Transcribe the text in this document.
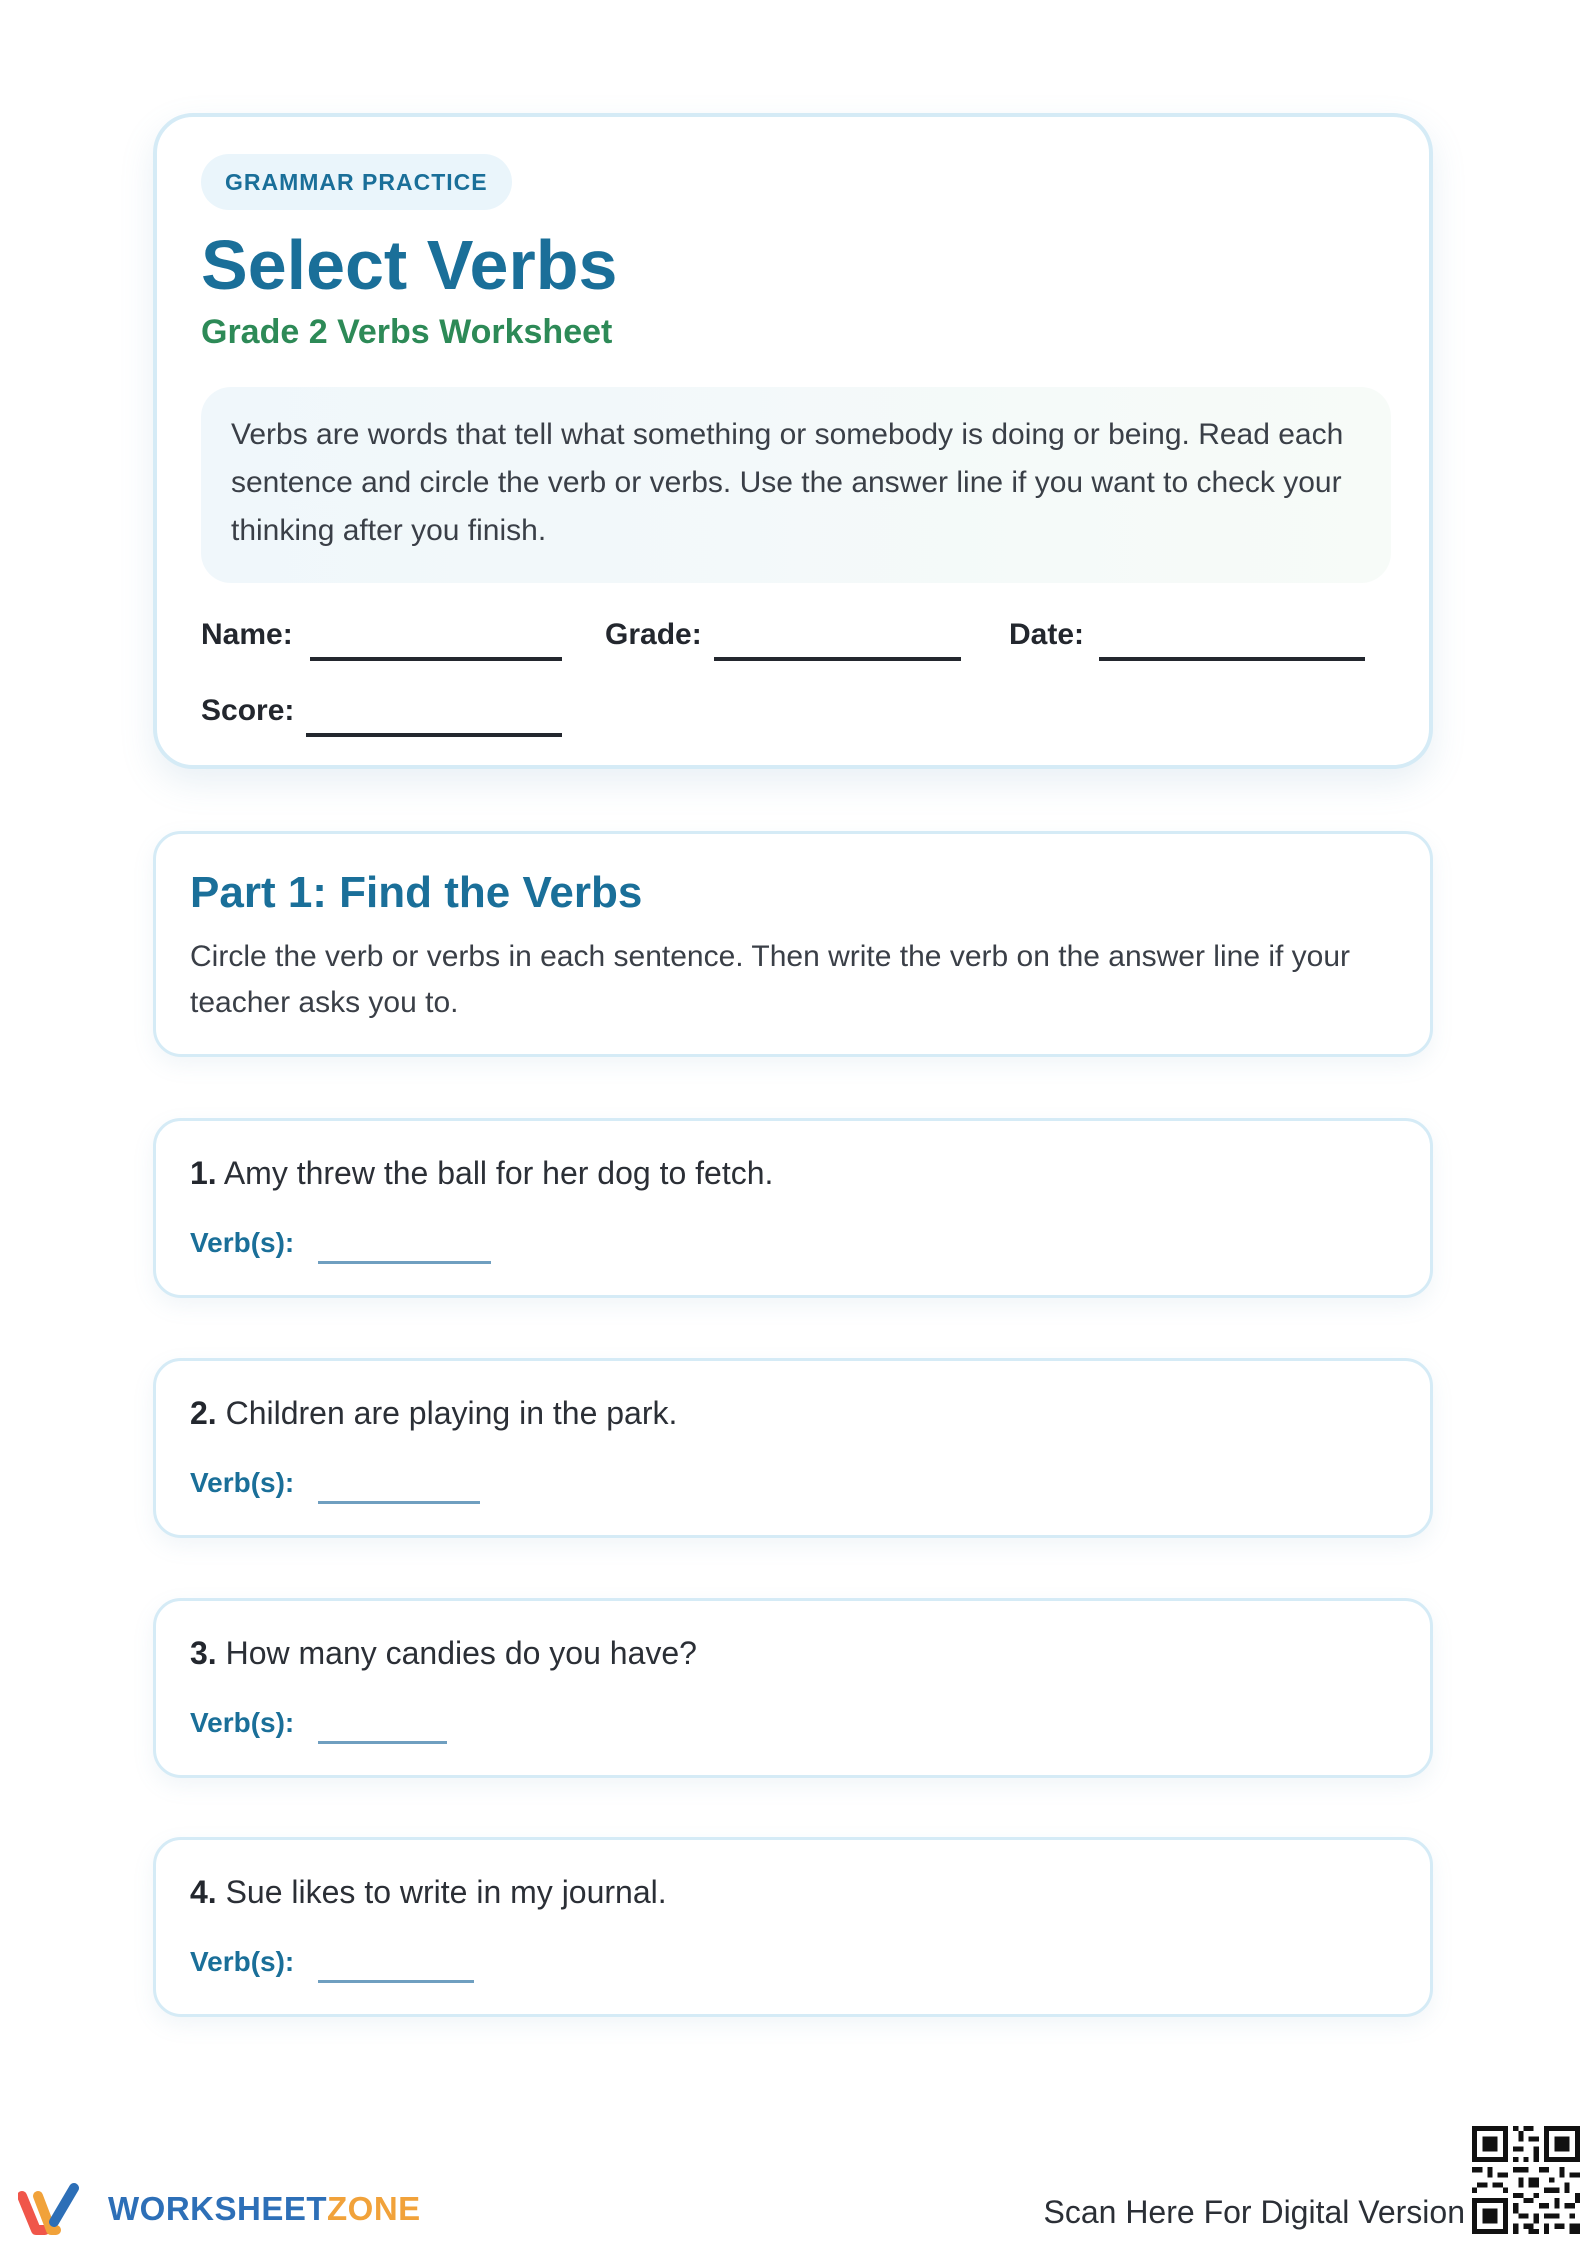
GRAMMAR PRACTICE
Select Verbs
Grade 2 Verbs Worksheet
Verbs are words that tell what something or somebody is doing or being. Read each sentence and circle the verb or verbs. Use the answer line if you want to check your thinking after you finish.
Name:	Grade:	Date:
Score:
Part 1: Find the Verbs

Circle the verb or verbs in each sentence. Then write the verb on the answer line if your teacher asks you to.

1. Amy threw the ball for her dog to fetch.

Verb(s):

2. Children are playing in the park.

Verb(s):

3. How many candies do you have?

Verb(s):

4. Sue likes to write in my journal.

Verb(s):
WORKSHEETZONE	Scan Here For Digital Version
